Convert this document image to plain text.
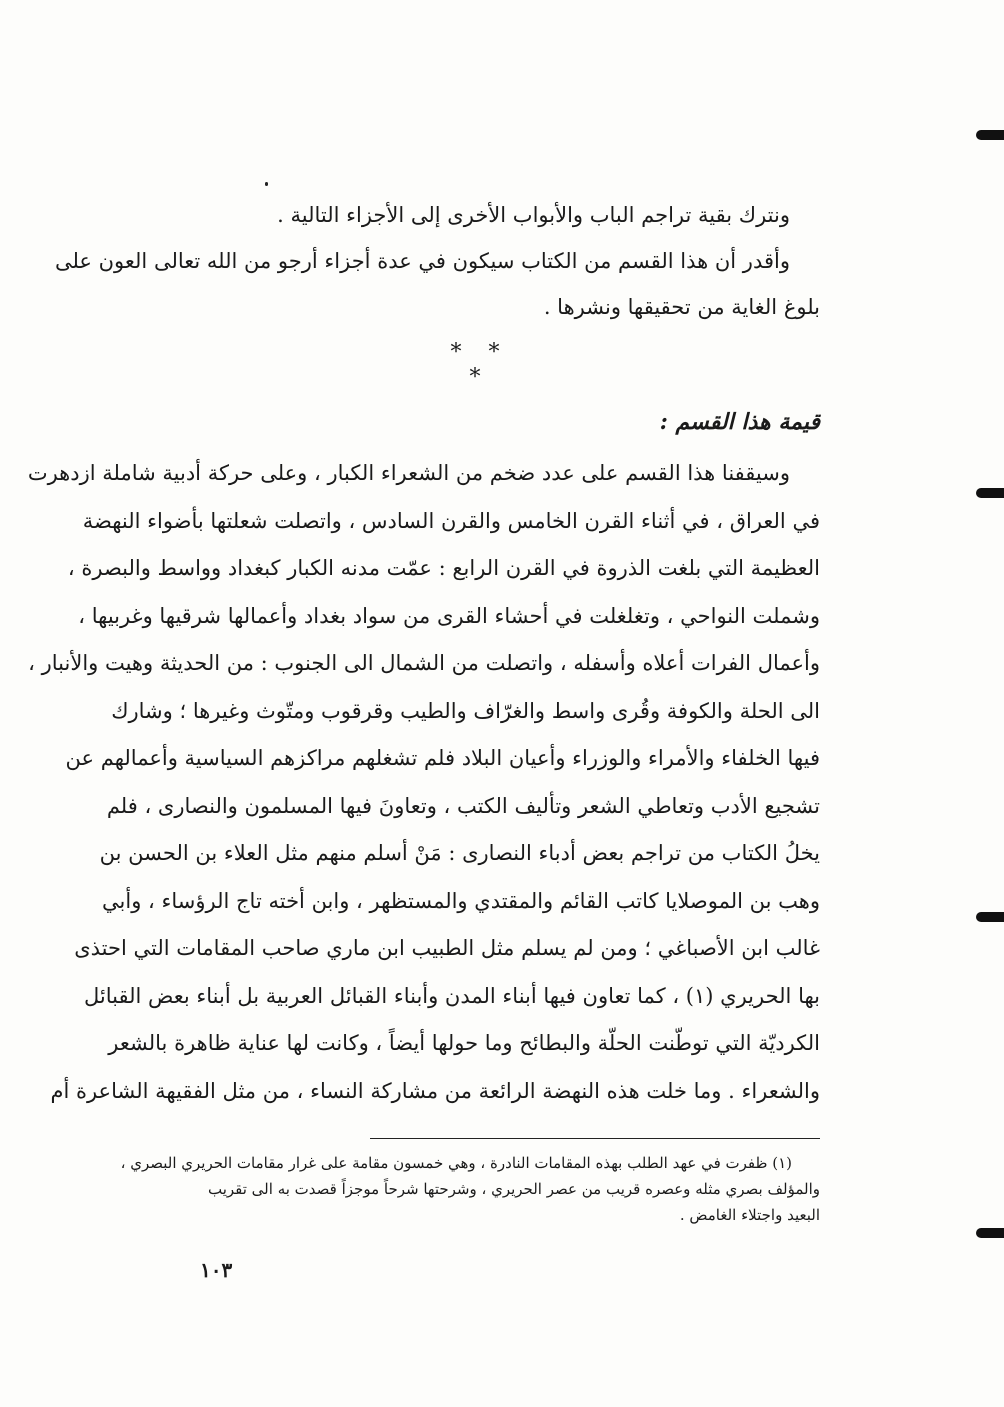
ونترك بقية تراجم الباب والأبواب الأخرى إلى الأجزاء التالية .
وأقدر أن هذا القسم من الكتاب سيكون في عدة أجزاء أرجو من الله تعالى العون على
بلوغ الغاية من تحقيقها ونشرها .
* * *
قيمة هذا القسم :
وسيقفنا هذا القسم على عدد ضخم من الشعراء الكبار ، وعلى حركة أدبية شاملة ازدهرت
في العراق ، في أثناء القرن الخامس والقرن السادس ، واتصلت شعلتها بأضواء النهضة
العظيمة التي بلغت الذروة في القرن الرابع : عمّت مدنه الكبار كبغداد وواسط والبصرة ،
وشملت النواحي ، وتغلغلت في أحشاء القرى من سواد بغداد وأعمالها شرقيها وغربيها ،
وأعمال الفرات أعلاه وأسفله ، واتصلت من الشمال الى الجنوب : من الحديثة وهيت والأنبار ،
الى الحلة والكوفة وقُرى واسط والغرّاف والطيب وقرقوب ومتّوث وغيرها ؛ وشارك
فيها الخلفاء والأمراء والوزراء وأعيان البلاد فلم تشغلهم مراكزهم السياسية وأعمالهم عن
تشجيع الأدب وتعاطي الشعر وتأليف الكتب ، وتعاونَ فيها المسلمون والنصارى ، فلم
يخلُ الكتاب من تراجم بعض أدباء النصارى : مَنْ أسلم منهم مثل العلاء بن الحسن بن
وهب بن الموصلايا كاتب القائم والمقتدي والمستظهر ، وابن أخته تاج الرؤساء ، وأبي
غالب ابن الأصباغي ؛ ومن لم يسلم مثل الطبيب ابن ماري صاحب المقامات التي احتذى
بها الحريري (١) ، كما تعاون فيها أبناء المدن وأبناء القبائل العربية بل أبناء بعض القبائل
الكرديّة التي توطّنت الحلّة والبطائح وما حولها أيضاً ، وكانت لها عناية ظاهرة بالشعر
والشعراء . وما خلت هذه النهضة الرائعة من مشاركة النساء ، من مثل الفقيهة الشاعرة أم
(١) ظفرت في عهد الطلب بهذه المقامات النادرة ، وهي خمسون مقامة على غرار مقامات الحريري البصري ،
والمؤلف بصري مثله وعصره قريب من عصر الحريري ، وشرحتها شرحاً موجزاً قصدت به الى تقريب
البعيد واجتلاء الغامض .
١٠٣
